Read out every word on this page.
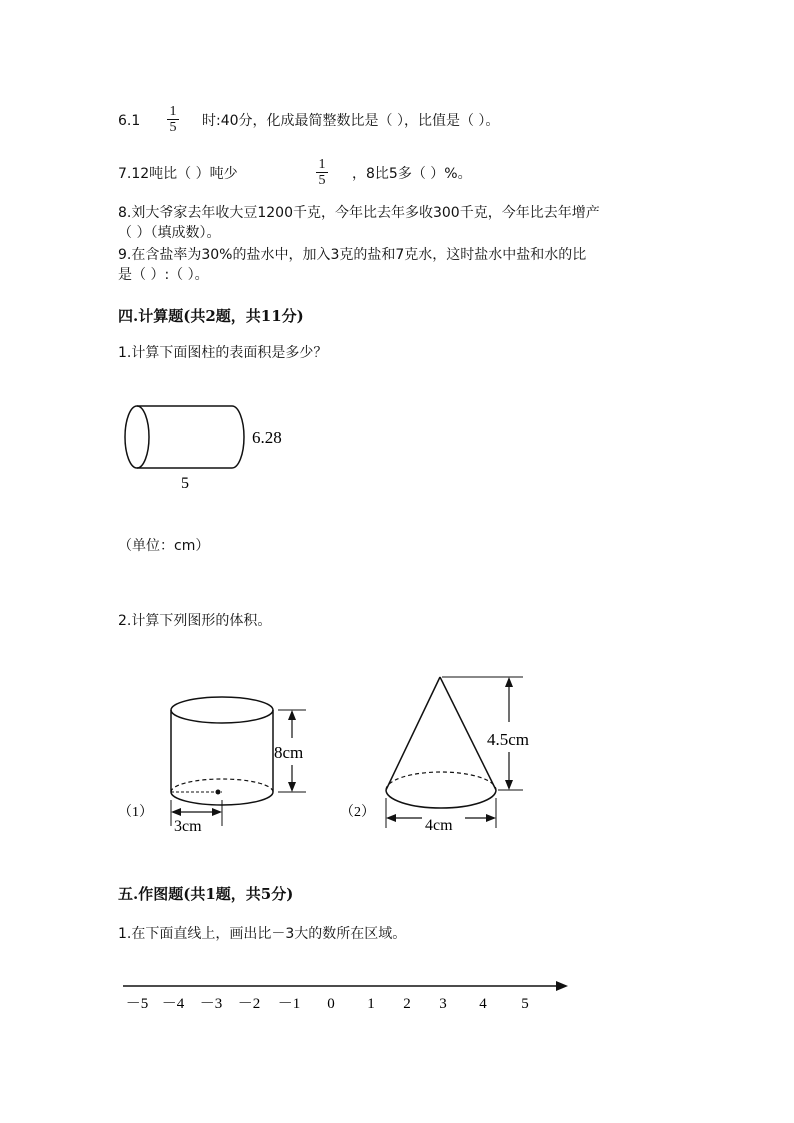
6.1
1
5 时:40分，化成最简整数比是（ ），比值是（ ）。
7.12吨比（ ）吨少
1
5 ，8比5多（ ）%。
8.刘大爷家去年收大豆1200千克，今年比去年多收300千克，今年比去年增产
（ ）（填成数）。
9.在含盐率为30%的盐水中，加入3克的盐和7克水，这时盐水中盐和水的比
是（ ）:（ ）。
四.计算题(共2题，共11分)
1.计算下面图柱的表面积是多少？
6.28
5
（单位：cm）
2.计算下列图形的体积。
8cm
3cm
（1）
4.5cm
4cm
（2）
五.作图题(共1题，共5分)
1.在下面直线上，画出比－3大的数所在区域。
－5 －4 －3 －2 －1 0 1 2 3 4 5
